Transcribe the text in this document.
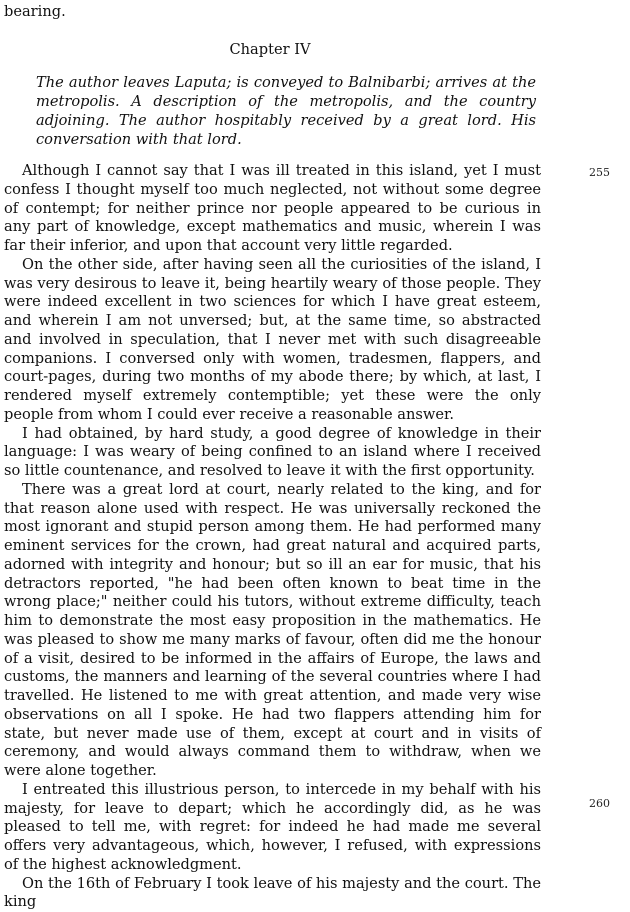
bearing.
Chapter IV
The author leaves Laputa; is conveyed to Balnibarbi; arrives at the metropolis. A description of the metropolis, and the country adjoining. The author hospitably received by a great lord. His conversation with that lord.

Although I cannot say that I was ill treated in this island, yet I must confess I thought myself too much neglected, not without some degree of contempt; for neither prince nor people appeared to be curious in any part of knowledge, except mathematics and music, wherein I was far their inferior, and upon that account very little regarded.

On the other side, after having seen all the curiosities of the island, I was very desirous to leave it, being heartily weary of those people. They were indeed excellent in two sciences for which I have great esteem, and wherein I am not unversed; but, at the same time, so abstracted and involved in speculation, that I never met with such disagreeable companions. I conversed only with women, tradesmen, flappers, and court-pages, during two months of my abode there; by which, at last, I rendered myself extremely contemptible; yet these were the only people from whom I could ever receive a reasonable answer.

I had obtained, by hard study, a good degree of knowledge in their language: I was weary of being confined to an island where I received so little countenance, and resolved to leave it with the first opportunity.

There was a great lord at court, nearly related to the king, and for that reason alone used with respect. He was universally reckoned the most ignorant and stupid person among them. He had performed many eminent services for the crown, had great natural and acquired parts, adorned with integrity and honour; but so ill an ear for music, that his detractors reported, "he had been often known to beat time in the wrong place;" neither could his tutors, without extreme difficulty, teach him to demonstrate the most easy proposition in the mathematics. He was pleased to show me many marks of favour, often did me the honour of a visit, desired to be informed in the affairs of Europe, the laws and customs, the manners and learning of the several countries where I had travelled. He listened to me with great attention, and made very wise observations on all I spoke. He had two flappers attending him for state, but never made use of them, except at court and in visits of ceremony, and would always command them to withdraw, when we were alone together.

I entreated this illustrious person, to intercede in my behalf with his majesty, for leave to depart; which he accordingly did, as he was pleased to tell me, with regret: for indeed he had made me several offers very advantageous, which, however, I refused, with expressions of the highest acknowledgment.

On the 16th of February I took leave of his majesty and the court. The king

255
260
